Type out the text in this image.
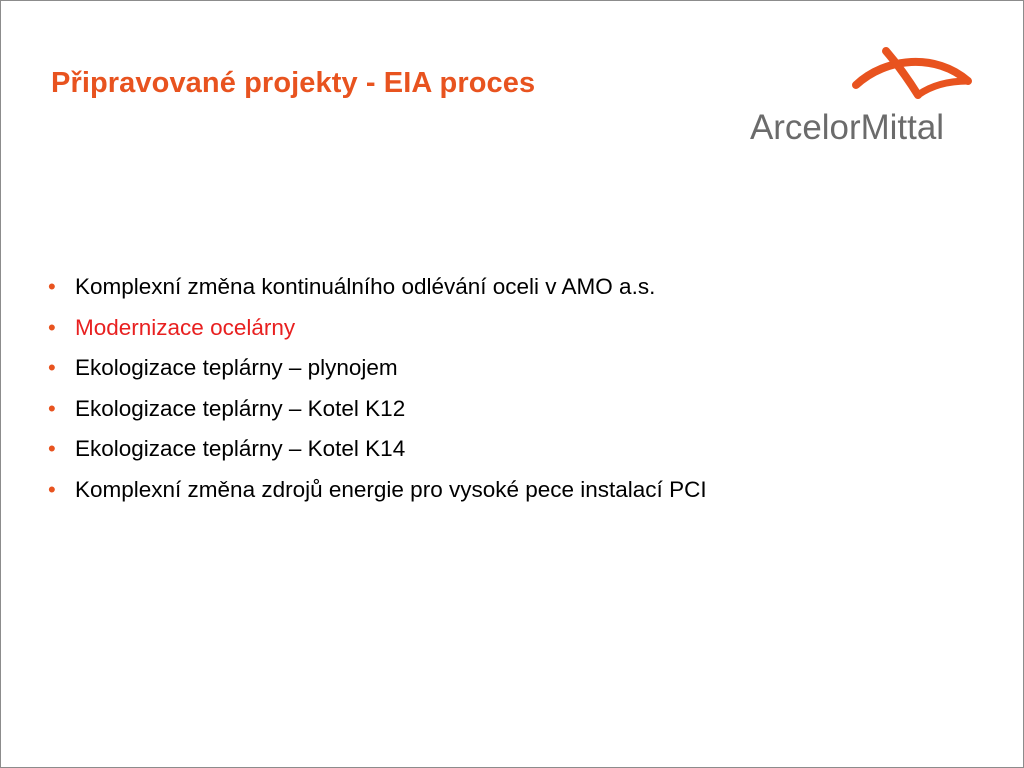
Připravované projekty - EIA proces
ArcelorMittal
• Komplexní změna kontinuálního odlévání oceli v AMO a.s.
• Modernizace ocelárny
• Ekologizace teplárny – plynojem
• Ekologizace teplárny – Kotel K12
• Ekologizace teplárny – Kotel K14
• Komplexní změna zdrojů energie pro vysoké pece instalací PCI
